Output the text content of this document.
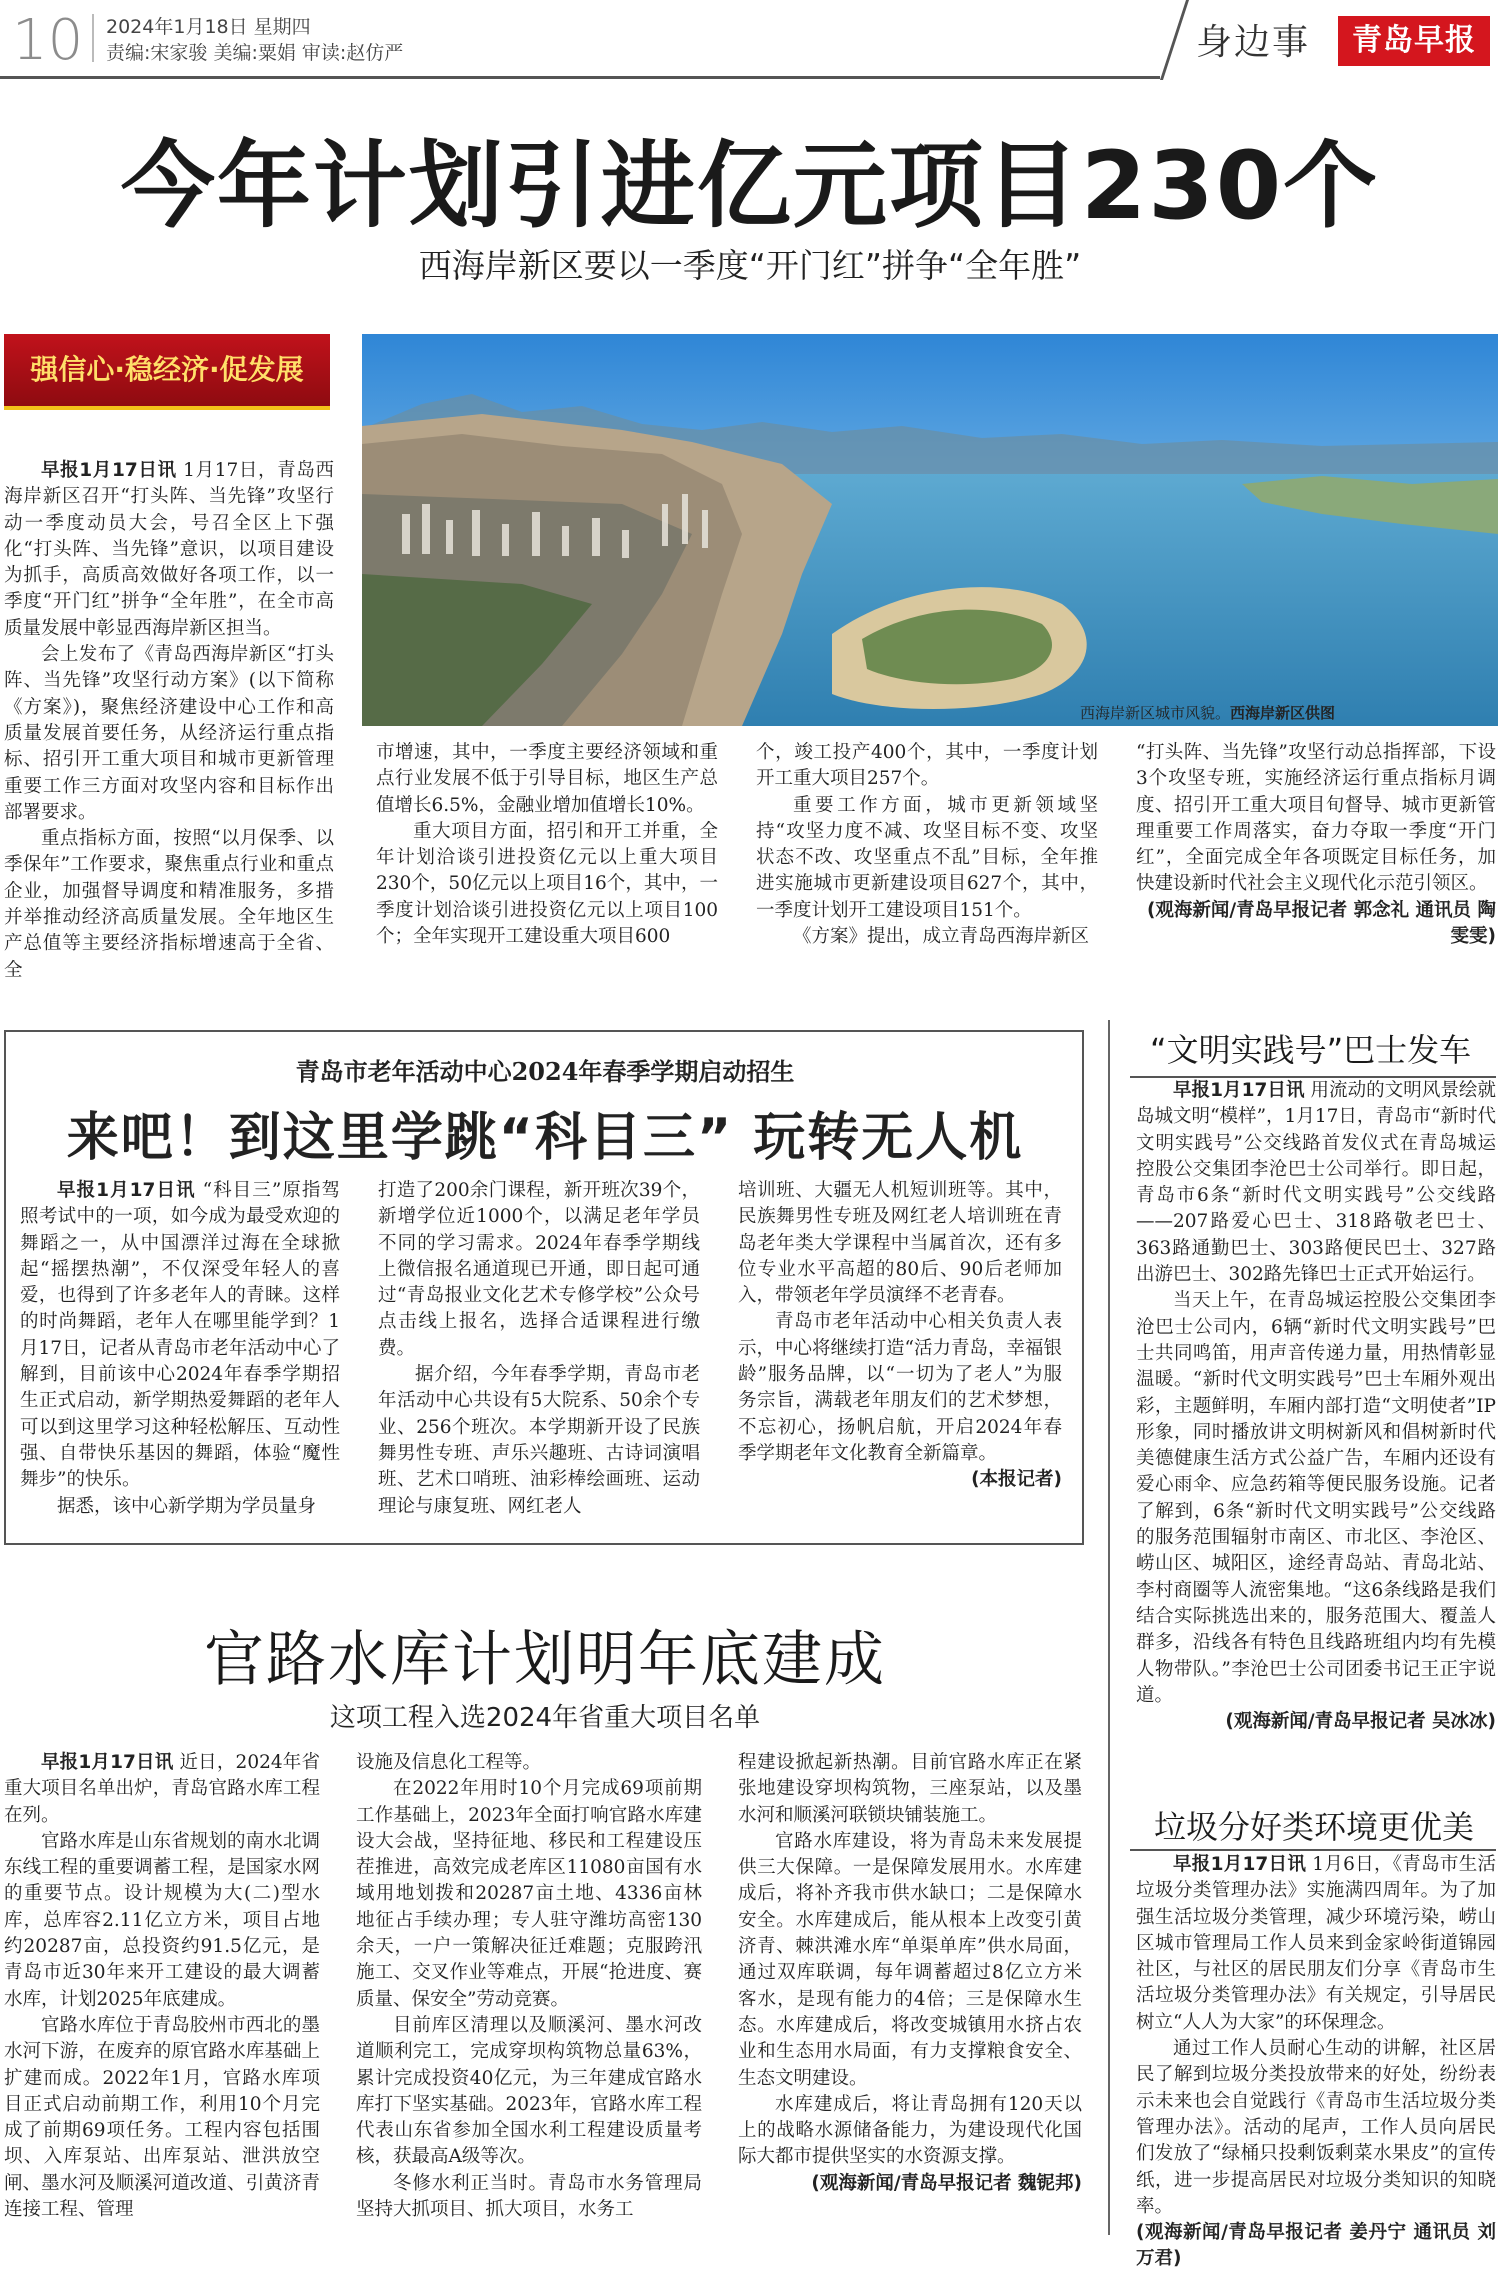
10 2024年1月18日 星期四
责编:宋家骏 美编:粟娟 审读:赵仿严	身边事	青岛早报
今年计划引进亿元项目230个
西海岸新区要以一季度“开门红”拼争“全年胜”
强信心·稳经济·促发展
西海岸新区城市风貌。西海岸新区供图

早报1月17日讯 1月17日，青岛西海岸新区召开“打头阵、当先锋”攻坚行动一季度动员大会，号召全区上下强化“打头阵、当先锋”意识，以项目建设为抓手，高质高效做好各项工作，以一季度“开门红”拼争“全年胜”，在全市高质量发展中彰显西海岸新区担当。

会上发布了《青岛西海岸新区“打头阵、当先锋”攻坚行动方案》(以下简称《方案》)，聚焦经济建设中心工作和高质量发展首要任务，从经济运行重点指标、招引开工重大项目和城市更新管理重要工作三方面对攻坚内容和目标作出部署要求。

重点指标方面，按照“以月保季、以季保年”工作要求，聚焦重点行业和重点企业，加强督导调度和精准服务，多措并举推动经济高质量发展。全年地区生产总值等主要经济指标增速高于全省、全

市增速，其中，一季度主要经济领域和重点行业发展不低于引导目标，地区生产总值增长6.5%，金融业增加值增长10%。

重大项目方面，招引和开工并重，全年计划洽谈引进投资亿元以上重大项目230个，50亿元以上项目16个，其中，一季度计划洽谈引进投资亿元以上项目100个；全年实现开工建设重大项目600

个，竣工投产400个，其中，一季度计划开工重大项目257个。

重要工作方面，城市更新领域坚持“攻坚力度不减、攻坚目标不变、攻坚状态不改、攻坚重点不乱”目标，全年推进实施城市更新建设项目627个，其中，一季度计划开工建设项目151个。

《方案》提出，成立青岛西海岸新区

“打头阵、当先锋”攻坚行动总指挥部，下设3个攻坚专班，实施经济运行重点指标月调度、招引开工重大项目旬督导、城市更新管理重要工作周落实，奋力夺取一季度“开门红”，全面完成全年各项既定目标任务，加快建设新时代社会主义现代化示范引领区。
(观海新闻/青岛早报记者 郭念礼 通讯员 陶雯雯)
青岛市老年活动中心2024年春季学期启动招生
来吧！到这里学跳“科目三” 玩转无人机

早报1月17日讯 “科目三”原指驾照考试中的一项，如今成为最受欢迎的舞蹈之一，从中国漂洋过海在全球掀起“摇摆热潮”，不仅深受年轻人的喜爱，也得到了许多老年人的青睐。这样的时尚舞蹈，老年人在哪里能学到？1月17日，记者从青岛市老年活动中心了解到，目前该中心2024年春季学期招生正式启动，新学期热爱舞蹈的老年人可以到这里学习这种轻松解压、互动性强、自带快乐基因的舞蹈，体验“魔性舞步”的快乐。

据悉，该中心新学期为学员量身

打造了200余门课程，新开班次39个，新增学位近1000个，以满足老年学员不同的学习需求。2024年春季学期线上微信报名通道现已开通，即日起可通过“青岛报业文化艺术专修学校”公众号点击线上报名，选择合适课程进行缴费。

据介绍，今年春季学期，青岛市老年活动中心共设有5大院系、50余个专业、256个班次。本学期新开设了民族舞男性专班、声乐兴趣班、古诗词演唱班、艺术口哨班、油彩棒绘画班、运动理论与康复班、网红老人

培训班、大疆无人机短训班等。其中，民族舞男性专班及网红老人培训班在青岛老年类大学课程中当属首次，还有多位专业水平高超的80后、90后老师加入，带领老年学员演绎不老青春。

青岛市老年活动中心相关负责人表示，中心将继续打造“活力青岛，幸福银龄”服务品牌，以“一切为了老人”为服务宗旨，满载老年朋友们的艺术梦想，不忘初心，扬帆启航，开启2024年春季学期老年文化教育全新篇章。

(本报记者)
官路水库计划明年底建成
这项工程入选2024年省重大项目名单

早报1月17日讯 近日，2024年省重大项目名单出炉，青岛官路水库工程在列。

官路水库是山东省规划的南水北调东线工程的重要调蓄工程，是国家水网的重要节点。设计规模为大(二)型水库，总库容2.11亿立方米，项目占地约20287亩，总投资约91.5亿元，是青岛市近30年来开工建设的最大调蓄水库，计划2025年底建成。

官路水库位于青岛胶州市西北的墨水河下游，在废弃的原官路水库基础上扩建而成。2022年1月，官路水库项目正式启动前期工作，利用10个月完成了前期69项任务。工程内容包括围坝、入库泵站、出库泵站、泄洪放空闸、墨水河及顺溪河道改道、引黄济青连接工程、管理

设施及信息化工程等。

在2022年用时10个月完成69项前期工作基础上，2023年全面打响官路水库建设大会战，坚持征地、移民和工程建设压茬推进，高效完成老库区11080亩国有水域用地划拨和20287亩土地、4336亩林地征占手续办理；专人驻守潍坊高密130余天，一户一策解决征迁难题；克服跨汛施工、交叉作业等难点，开展“抢进度、赛质量、保安全”劳动竞赛。

目前库区清理以及顺溪河、墨水河改道顺利完工，完成穿坝构筑物总量63%，累计完成投资40亿元，为三年建成官路水库打下坚实基础。2023年，官路水库工程代表山东省参加全国水利工程建设质量考核，获最高A级等次。

冬修水利正当时。青岛市水务管理局坚持大抓项目、抓大项目，水务工

程建设掀起新热潮。目前官路水库正在紧张地建设穿坝构筑物，三座泵站，以及墨水河和顺溪河联锁块铺装施工。

官路水库建设，将为青岛未来发展提供三大保障。一是保障发展用水。水库建成后，将补齐我市供水缺口；二是保障水安全。水库建成后，能从根本上改变引黄济青、棘洪滩水库“单渠单库”供水局面，通过双库联调，每年调蓄超过8亿立方米客水，是现有能力的4倍；三是保障水生态。水库建成后，将改变城镇用水挤占农业和生态用水局面，有力支撑粮食安全、生态文明建设。

水库建成后，将让青岛拥有120天以上的战略水源储备能力，为建设现代化国际大都市提供坚实的水资源支撑。

(观海新闻/青岛早报记者 魏铌邦)
“文明实践号”巴士发车

早报1月17日讯 用流动的文明风景绘就岛城文明“模样”，1月17日，青岛市“新时代文明实践号”公交线路首发仪式在青岛城运控股公交集团李沧巴士公司举行。即日起，青岛市6条“新时代文明实践号”公交线路——207路爱心巴士、318路敬老巴士、363路通勤巴士、303路便民巴士、327路出游巴士、302路先锋巴士正式开始运行。

当天上午，在青岛城运控股公交集团李沧巴士公司内，6辆“新时代文明实践号”巴士共同鸣笛，用声音传递力量，用热情彰显温暖。“新时代文明实践号”巴士车厢外观出彩，主题鲜明，车厢内部打造“文明使者”IP形象，同时播放讲文明树新风和倡树新时代美德健康生活方式公益广告，车厢内还设有爱心雨伞、应急药箱等便民服务设施。记者了解到，6条“新时代文明实践号”公交线路的服务范围辐射市南区、市北区、李沧区、崂山区、城阳区，途经青岛站、青岛北站、李村商圈等人流密集地。“这6条线路是我们结合实际挑选出来的，服务范围大、覆盖人群多，沿线各有特色且线路班组内均有先模人物带队。”李沧巴士公司团委书记王正宇说道。

(观海新闻/青岛早报记者 吴冰冰)
垃圾分好类环境更优美

早报1月17日讯 1月6日，《青岛市生活垃圾分类管理办法》实施满四周年。为了加强生活垃圾分类管理，减少环境污染，崂山区城市管理局工作人员来到金家岭街道锦园社区，与社区的居民朋友们分享《青岛市生活垃圾分类管理办法》有关规定，引导居民树立“人人为大家”的环保理念。

通过工作人员耐心生动的讲解，社区居民了解到垃圾分类投放带来的好处，纷纷表示未来也会自觉践行《青岛市生活垃圾分类管理办法》。活动的尾声，工作人员向居民们发放了“绿桶只投剩饭剩菜水果皮”的宣传纸，进一步提高居民对垃圾分类知识的知晓率。

(观海新闻/青岛早报记者 姜丹宁 通讯员 刘万君)
